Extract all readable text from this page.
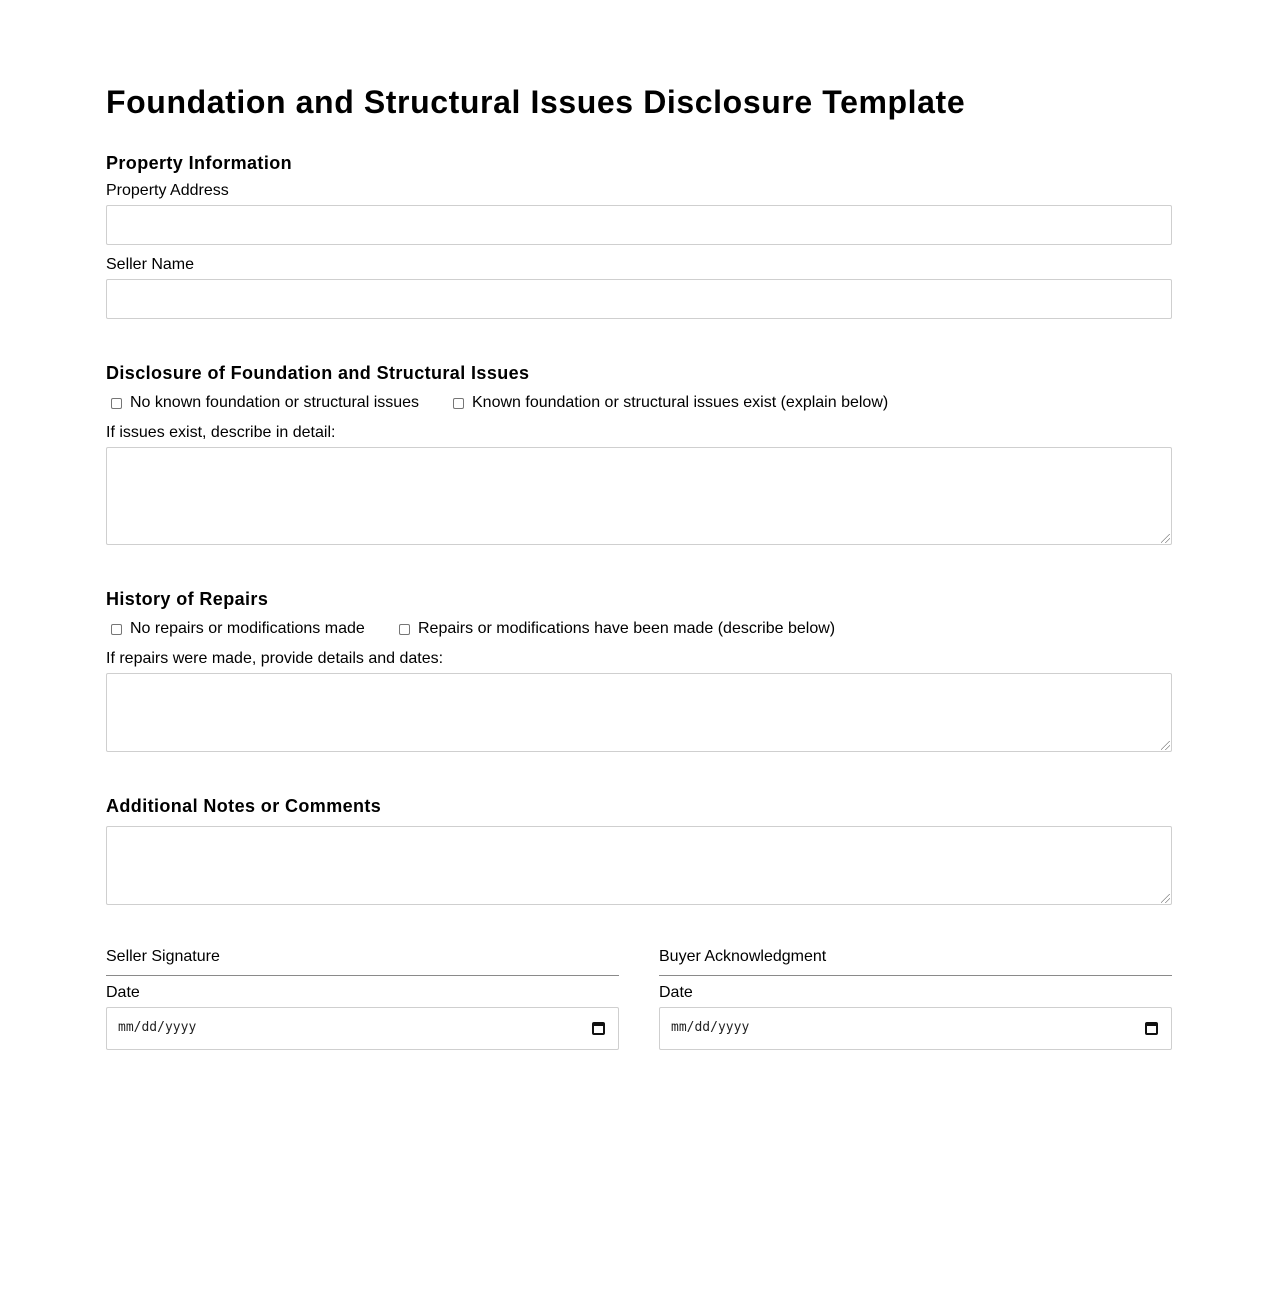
Foundation and Structural Issues Disclosure Template
Property Information
Property Address
Seller Name
Disclosure of Foundation and Structural Issues
No known foundation or structural issues	Known foundation or structural issues exist (explain below)
If issues exist, describe in detail:
History of Repairs
No repairs or modifications made	Repairs or modifications have been made (describe below)
If repairs were made, provide details and dates:
Additional Notes or Comments
Seller Signature
Date
mm/dd/yyyy
Buyer Acknowledgment
Date
mm/dd/yyyy
